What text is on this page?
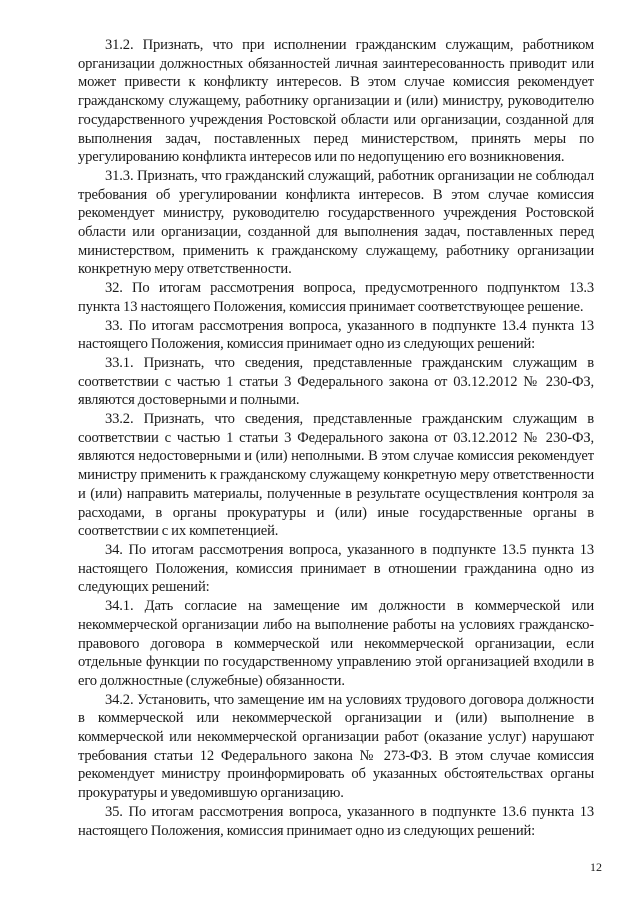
31.2. Признать, что при исполнении гражданским служащим, работником организации должностных обязанностей личная заинтересованность приводит или может привести к конфликту интересов. В этом случае комиссия рекомендует гражданскому служащему, работнику организации и (или) министру, руководителю государственного учреждения Ростовской области или организации, созданной для выполнения задач, поставленных перед министерством, принять меры по урегулированию конфликта интересов или по недопущению его возникновения.

31.3. Признать, что гражданский служащий, работник организации не соблюдал требования об урегулировании конфликта интересов. В этом случае комиссия рекомендует министру, руководителю государственного учреждения Ростовской области или организации, созданной для выполнения задач, поставленных перед министерством, применить к гражданскому служащему, работнику организации конкретную меру ответственности.

32. По итогам рассмотрения вопроса, предусмотренного подпунктом 13.3 пункта 13 настоящего Положения, комиссия принимает соответствующее решение.

33. По итогам рассмотрения вопроса, указанного в подпункте 13.4 пункта 13 настоящего Положения, комиссия принимает одно из следующих решений:

33.1. Признать, что сведения, представленные гражданским служащим в соответствии с частью 1 статьи 3 Федерального закона от 03.12.2012 № 230-ФЗ, являются достоверными и полными.

33.2. Признать, что сведения, представленные гражданским служащим в соответствии с частью 1 статьи 3 Федерального закона от 03.12.2012 № 230-ФЗ, являются недостоверными и (или) неполными. В этом случае комиссия рекомендует министру применить к гражданскому служащему конкретную меру ответственности и (или) направить материалы, полученные в результате осуществления контроля за расходами, в органы прокуратуры и (или) иные государственные органы в соответствии с их компетенцией.

34. По итогам рассмотрения вопроса, указанного в подпункте 13.5 пункта 13 настоящего Положения, комиссия принимает в отношении гражданина одно из следующих решений:

34.1. Дать согласие на замещение им должности в коммерческой или некоммерческой организации либо на выполнение работы на условиях гражданско-правового договора в коммерческой или некоммерческой организации, если отдельные функции по государственному управлению этой организацией входили в его должностные (служебные) обязанности.

34.2. Установить, что замещение им на условиях трудового договора должности в коммерческой или некоммерческой организации и (или) выполнение в коммерческой или некоммерческой организации работ (оказание услуг) нарушают требования статьи 12 Федерального закона № 273-ФЗ. В этом случае комиссия рекомендует министру проинформировать об указанных обстоятельствах органы прокуратуры и уведомившую организацию.

35. По итогам рассмотрения вопроса, указанного в подпункте 13.6 пункта 13 настоящего Положения, комиссия принимает одно из следующих решений:

12
